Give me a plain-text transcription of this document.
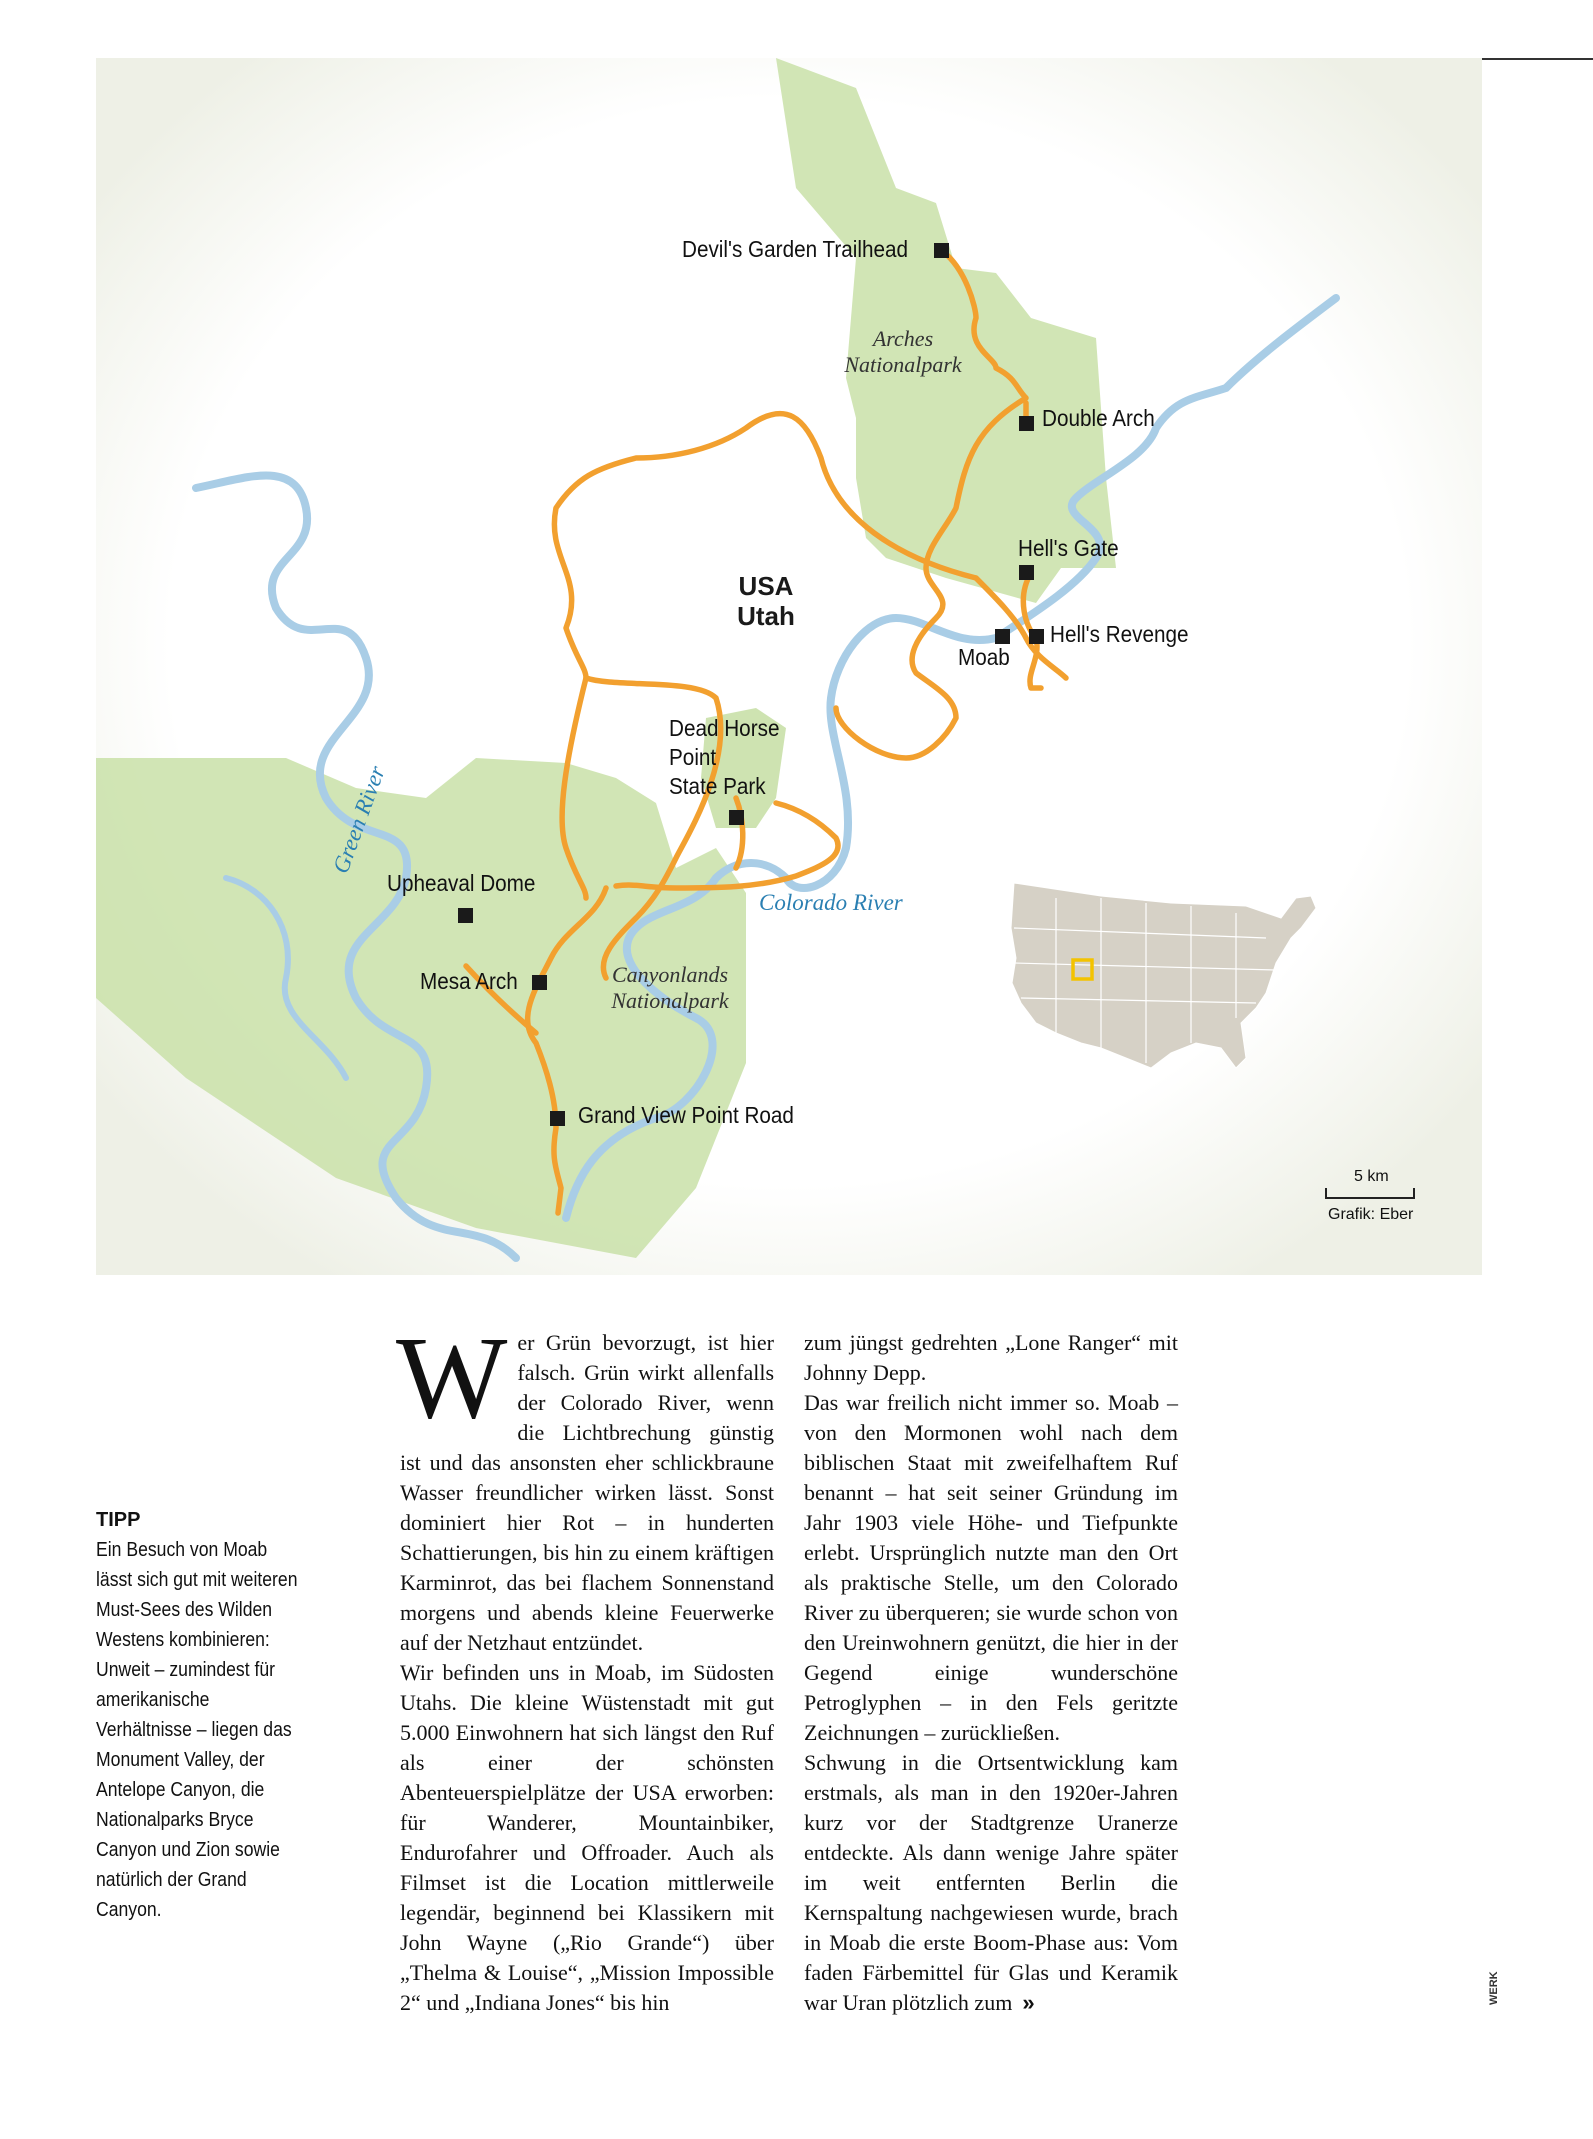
Devil's Garden Trailhead
Arches
Nationalpark
Double Arch
Hell's Gate
Hell's Revenge
Moab
USA
Utah
Dead Horse
Point
State Park
Green River
Colorado River
Upheaval Dome
Mesa Arch	Canyonlands
Nationalpark
Grand View Point Road
5 km
Grafik: Eber
TIPP
Ein Besuch von Moab lässt sich gut mit weiteren Must-Sees des Wilden Westens kombinieren: Unweit – zumindest für amerikanische Verhältnisse – liegen das Monument Valley, der Antelope Canyon, die Nationalparks Bryce Canyon und Zion sowie natürlich der Grand Canyon.
W er Grün bevorzugt, ist hier falsch. Grün wirkt allenfalls der Colorado River, wenn die Lichtbrechung günstig ist und das ansonsten eher schlickbraune Wasser freundlicher wirken lässt. Sonst dominiert hier Rot – in hunderten Schattierungen, bis hin zu einem kräftigen Karminrot, das bei flachem Sonnenstand morgens und abends kleine Feuerwerke auf der Netzhaut entzündet.

Wir befinden uns in Moab, im Südosten Utahs. Die kleine Wüstenstadt mit gut 5.000 Einwohnern hat sich längst den Ruf als einer der schönsten Abenteuerspielplätze der USA erworben: für Wanderer, Mountainbiker, Endurofahrer und Offroader. Auch als Filmset ist die Location mittlerweile legendär, beginnend bei Klassikern mit John Wayne („Rio Grande“) über „Thelma & Louise“, „Mission Impossible 2“ und „Indiana Jones“ bis hin

zum jüngst gedrehten „Lone Ranger“ mit Johnny Depp.

Das war freilich nicht immer so. Moab – von den Mormonen wohl nach dem biblischen Staat mit zweifelhaftem Ruf benannt – hat seit seiner Gründung im Jahr 1903 viele Höhe- und Tiefpunkte erlebt. Ursprünglich nutzte man den Ort als praktische Stelle, um den Colorado River zu überqueren; sie wurde schon von den Ureinwohnern genützt, die hier in der Gegend einige wunderschöne Petroglyphen – in den Fels geritzte Zeichnungen – zurückließen.

Schwung in die Ortsentwicklung kam erstmals, als man in den 1920er-Jahren kurz vor der Stadtgrenze Uranerze entdeckte. Als dann wenige Jahre später im weit entfernten Berlin die Kernspaltung nachgewiesen wurde, brach in Moab die erste Boom-Phase aus: Vom faden Färbemittel für Glas und Keramik war Uran plötzlich zum »	WERK
